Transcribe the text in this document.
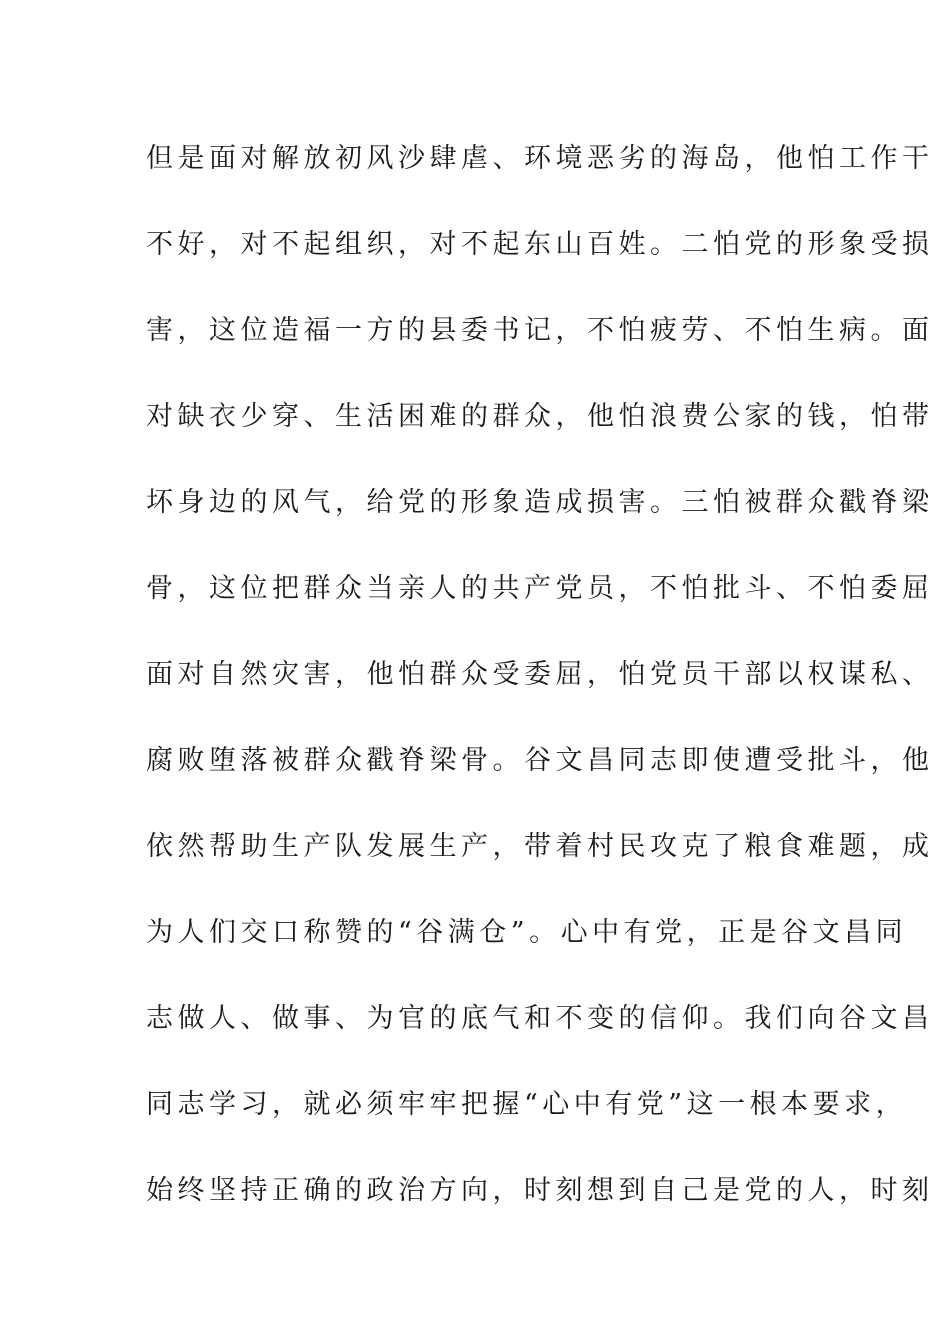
但是面对解放初风沙肆虐、环境恶劣的海岛，他怕工作干
不好，对不起组织，对不起东山百姓。二怕党的形象受损
害，这位造福一方的县委书记，不怕疲劳、不怕生病。面
对缺衣少穿、生活困难的群众，他怕浪费公家的钱，怕带
坏身边的风气，给党的形象造成损害。三怕被群众戳脊梁
骨，这位把群众当亲人的共产党员，不怕批斗、不怕委屈
面对自然灾害，他怕群众受委屈，怕党员干部以权谋私、
腐败堕落被群众戳脊梁骨。谷文昌同志即使遭受批斗，他
依然帮助生产队发展生产，带着村民攻克了粮食难题，成
为人们交口称赞的“谷满仓”。心中有党，正是谷文昌同
志做人、做事、为官的底气和不变的信仰。我们向谷文昌
同志学习，就必须牢牢把握“心中有党”这一根本要求，
始终坚持正确的政治方向，时刻想到自己是党的人，时刻
